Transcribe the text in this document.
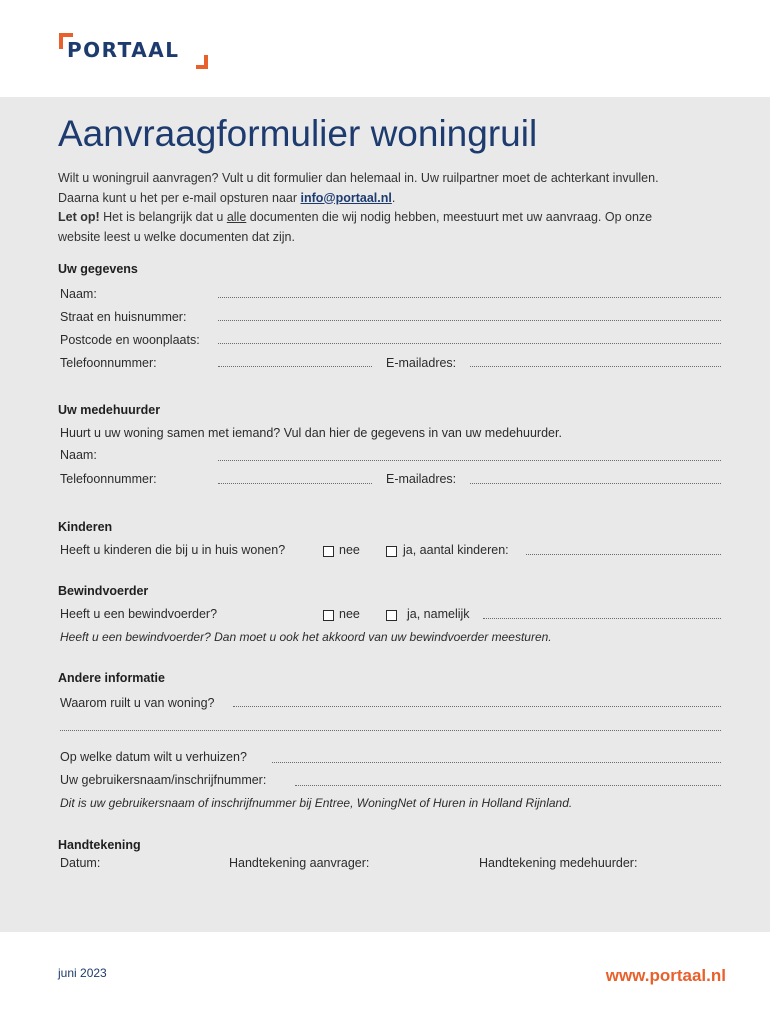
PORTAAL
Aanvraagformulier woningruil

Wilt u woningruil aanvragen? Vult u dit formulier dan helemaal in. Uw ruilpartner moet de achterkant invullen.

Daarna kunt u het per e-mail opsturen naar info@portaal.nl.

Let op! Het is belangrijk dat u alle documenten die wij nodig hebben, meestuurt met uw aanvraag. Op onze

website leest u welke documenten dat zijn.

Uw gegevens
Naam:
Straat en huisnummer:
Postcode en woonplaats:
Telefoonnummer:	E-mailadres:
Uw medehuurder
Huurt u uw woning samen met iemand? Vul dan hier de gegevens in van uw medehuurder.
Naam:
Telefoonnummer:	E-mailadres:
Kinderen
Heeft u kinderen die bij u in huis wonen?	nee	ja, aantal kinderen:
Bewindvoerder
Heeft u een bewindvoerder?	nee	ja, namelijk
Heeft u een bewindvoerder? Dan moet u ook het akkoord van uw bewindvoerder meesturen.
Andere informatie
Waarom ruilt u van woning?
Op welke datum wilt u verhuizen?
Uw gebruikersnaam/inschrijfnummer:
Dit is uw gebruikersnaam of inschrijfnummer bij Entree, WoningNet of Huren in Holland Rijnland.
Handtekening
Datum:	Handtekening aanvrager:	Handtekening medehuurder:
juni 2023	www.portaal.nl
